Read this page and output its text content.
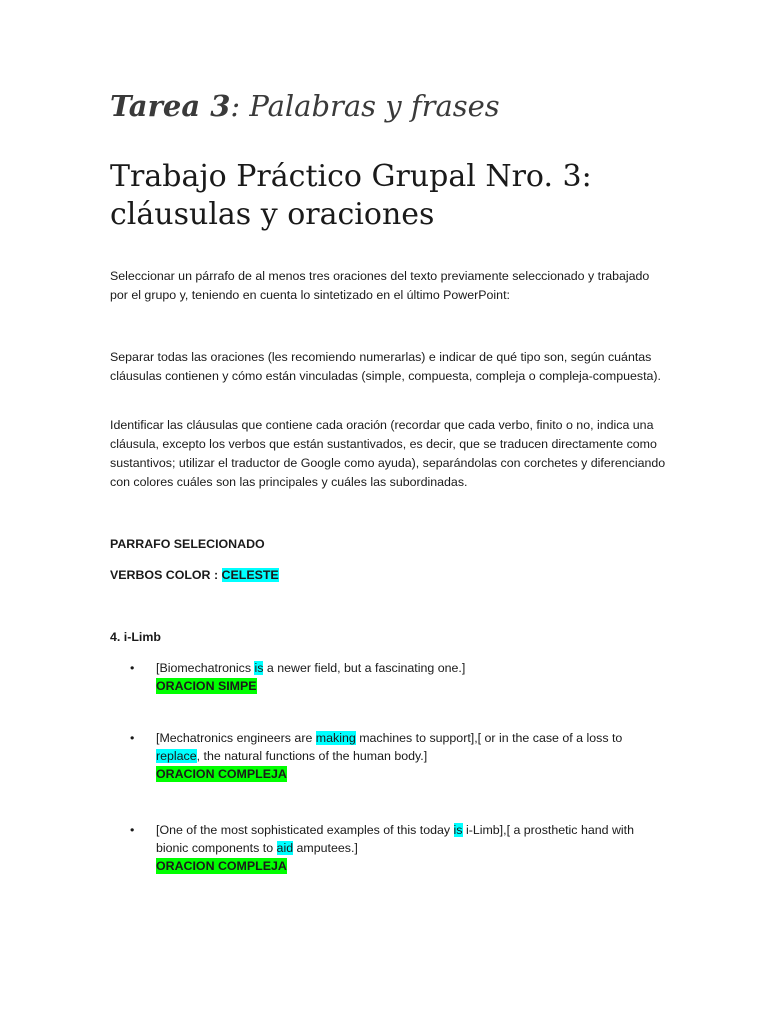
Tarea 3: Palabras y frases
Trabajo Práctico Grupal Nro. 3: cláusulas y oraciones

Seleccionar un párrafo de al menos tres oraciones del texto previamente seleccionado y trabajado por el grupo y, teniendo en cuenta lo sintetizado en el último PowerPoint:

Separar todas las oraciones (les recomiendo numerarlas) e indicar de qué tipo son, según cuántas cláusulas contienen y cómo están vinculadas (simple, compuesta, compleja o compleja-compuesta).

Identificar las cláusulas que contiene cada oración (recordar que cada verbo, finito o no, indica una cláusula, excepto los verbos que están sustantivados, es decir, que se traducen directamente como sustantivos; utilizar el traductor de Google como ayuda), separándolas con corchetes y diferenciando con colores cuáles son las principales y cuáles las subordinadas.

PARRAFO SELECIONADO

VERBOS COLOR : CELESTE

4. i-Limb

• [Biomechatronics is a newer field, but a fascinating one.]
ORACION SIMPE
• [Mechatronics engineers are making machines to support],[ or in the case of a loss to replace, the natural functions of the human body.]
ORACION COMPLEJA
• [One of the most sophisticated examples of this today is i-Limb],[ a prosthetic hand with bionic components to aid amputees.]
ORACION COMPLEJA
